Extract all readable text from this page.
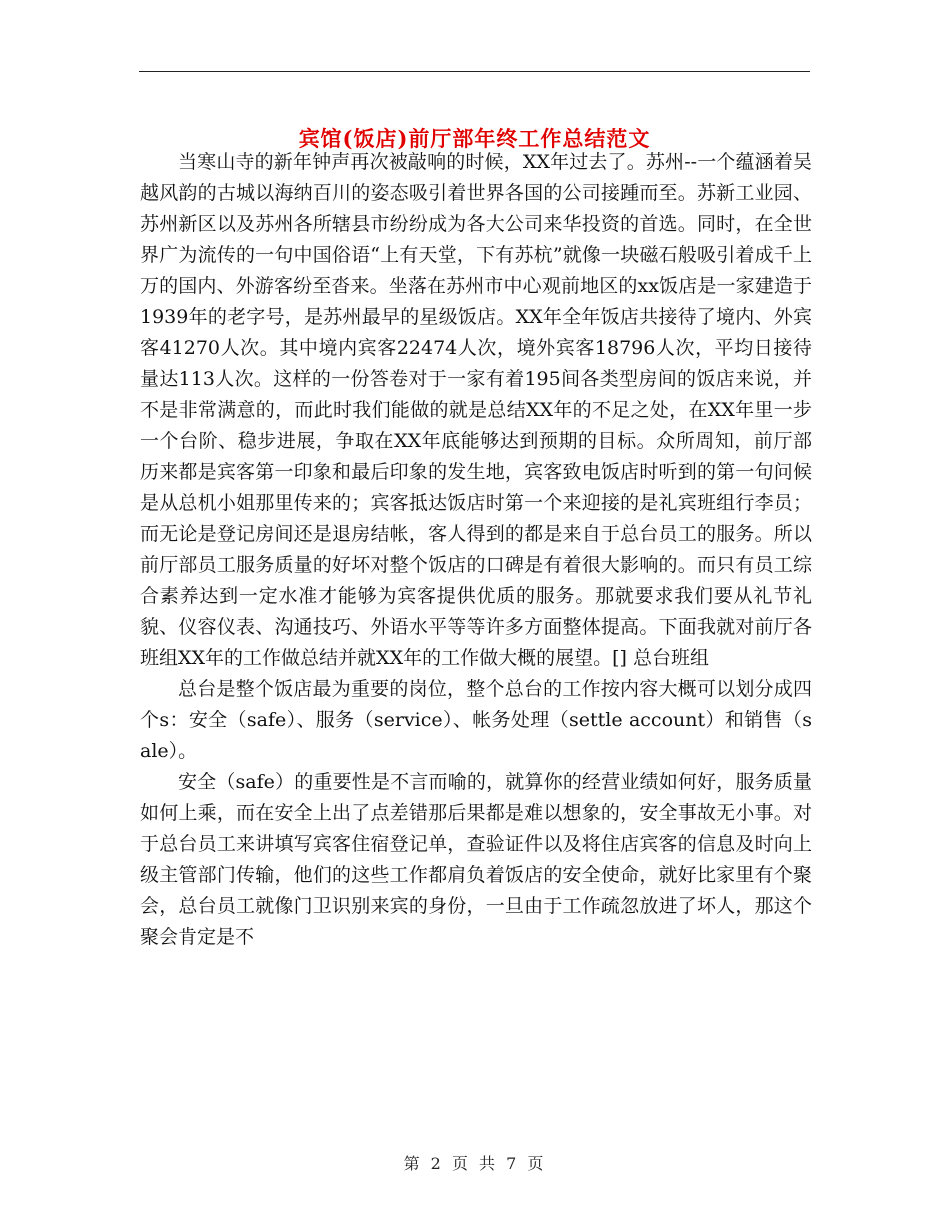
宾馆(饭店)前厅部年终工作总结范文

当寒山寺的新年钟声再次被敲响的时候，XX年过去了。苏州--一个蕴涵着吴越风韵的古城以海纳百川的姿态吸引着世界各国的公司接踵而至。苏新工业园、苏州新区以及苏州各所辖县市纷纷成为各大公司来华投资的首选。同时，在全世界广为流传的一句中国俗语“上有天堂，下有苏杭”就像一块磁石般吸引着成千上万的国内、外游客纷至沓来。坐落在苏州市中心观前地区的xx饭店是一家建造于1939年的老字号，是苏州最早的星级饭店。XX年全年饭店共接待了境内、外宾客41270人次。其中境内宾客22474人次，境外宾客18796人次，平均日接待量达113人次。这样的一份答卷对于一家有着195间各类型房间的饭店来说，并不是非常满意的，而此时我们能做的就是总结XX年的不足之处，在XX年里一步一个台阶、稳步进展，争取在XX年底能够达到预期的目标。众所周知，前厅部历来都是宾客第一印象和最后印象的发生地，宾客致电饭店时听到的第一句问候是从总机小姐那里传来的；宾客抵达饭店时第一个来迎接的是礼宾班组行李员；而无论是登记房间还是退房结帐，客人得到的都是来自于总台员工的服务。所以前厅部员工服务质量的好坏对整个饭店的口碑是有着很大影响的。而只有员工综合素养达到一定水准才能够为宾客提供优质的服务。那就要求我们要从礼节礼貌、仪容仪表、沟通技巧、外语水平等等许多方面整体提高。下面我就对前厅各班组XX年的工作做总结并就XX年的工作做大概的展望。[] 总台班组

总台是整个饭店最为重要的岗位，整个总台的工作按内容大概可以划分成四个s：安全（safe）、服务（service）、帐务处理（settle account）和销售（sale）。

安全（safe）的重要性是不言而喻的，就算你的经营业绩如何好，服务质量如何上乘，而在安全上出了点差错那后果都是难以想象的，安全事故无小事。对于总台员工来讲填写宾客住宿登记单，查验证件以及将住店宾客的信息及时向上级主管部门传输，他们的这些工作都肩负着饭店的安全使命，就好比家里有个聚会，总台员工就像门卫识别来宾的身份，一旦由于工作疏忽放进了坏人，那这个聚会肯定是不

第 2 页 共 7 页
